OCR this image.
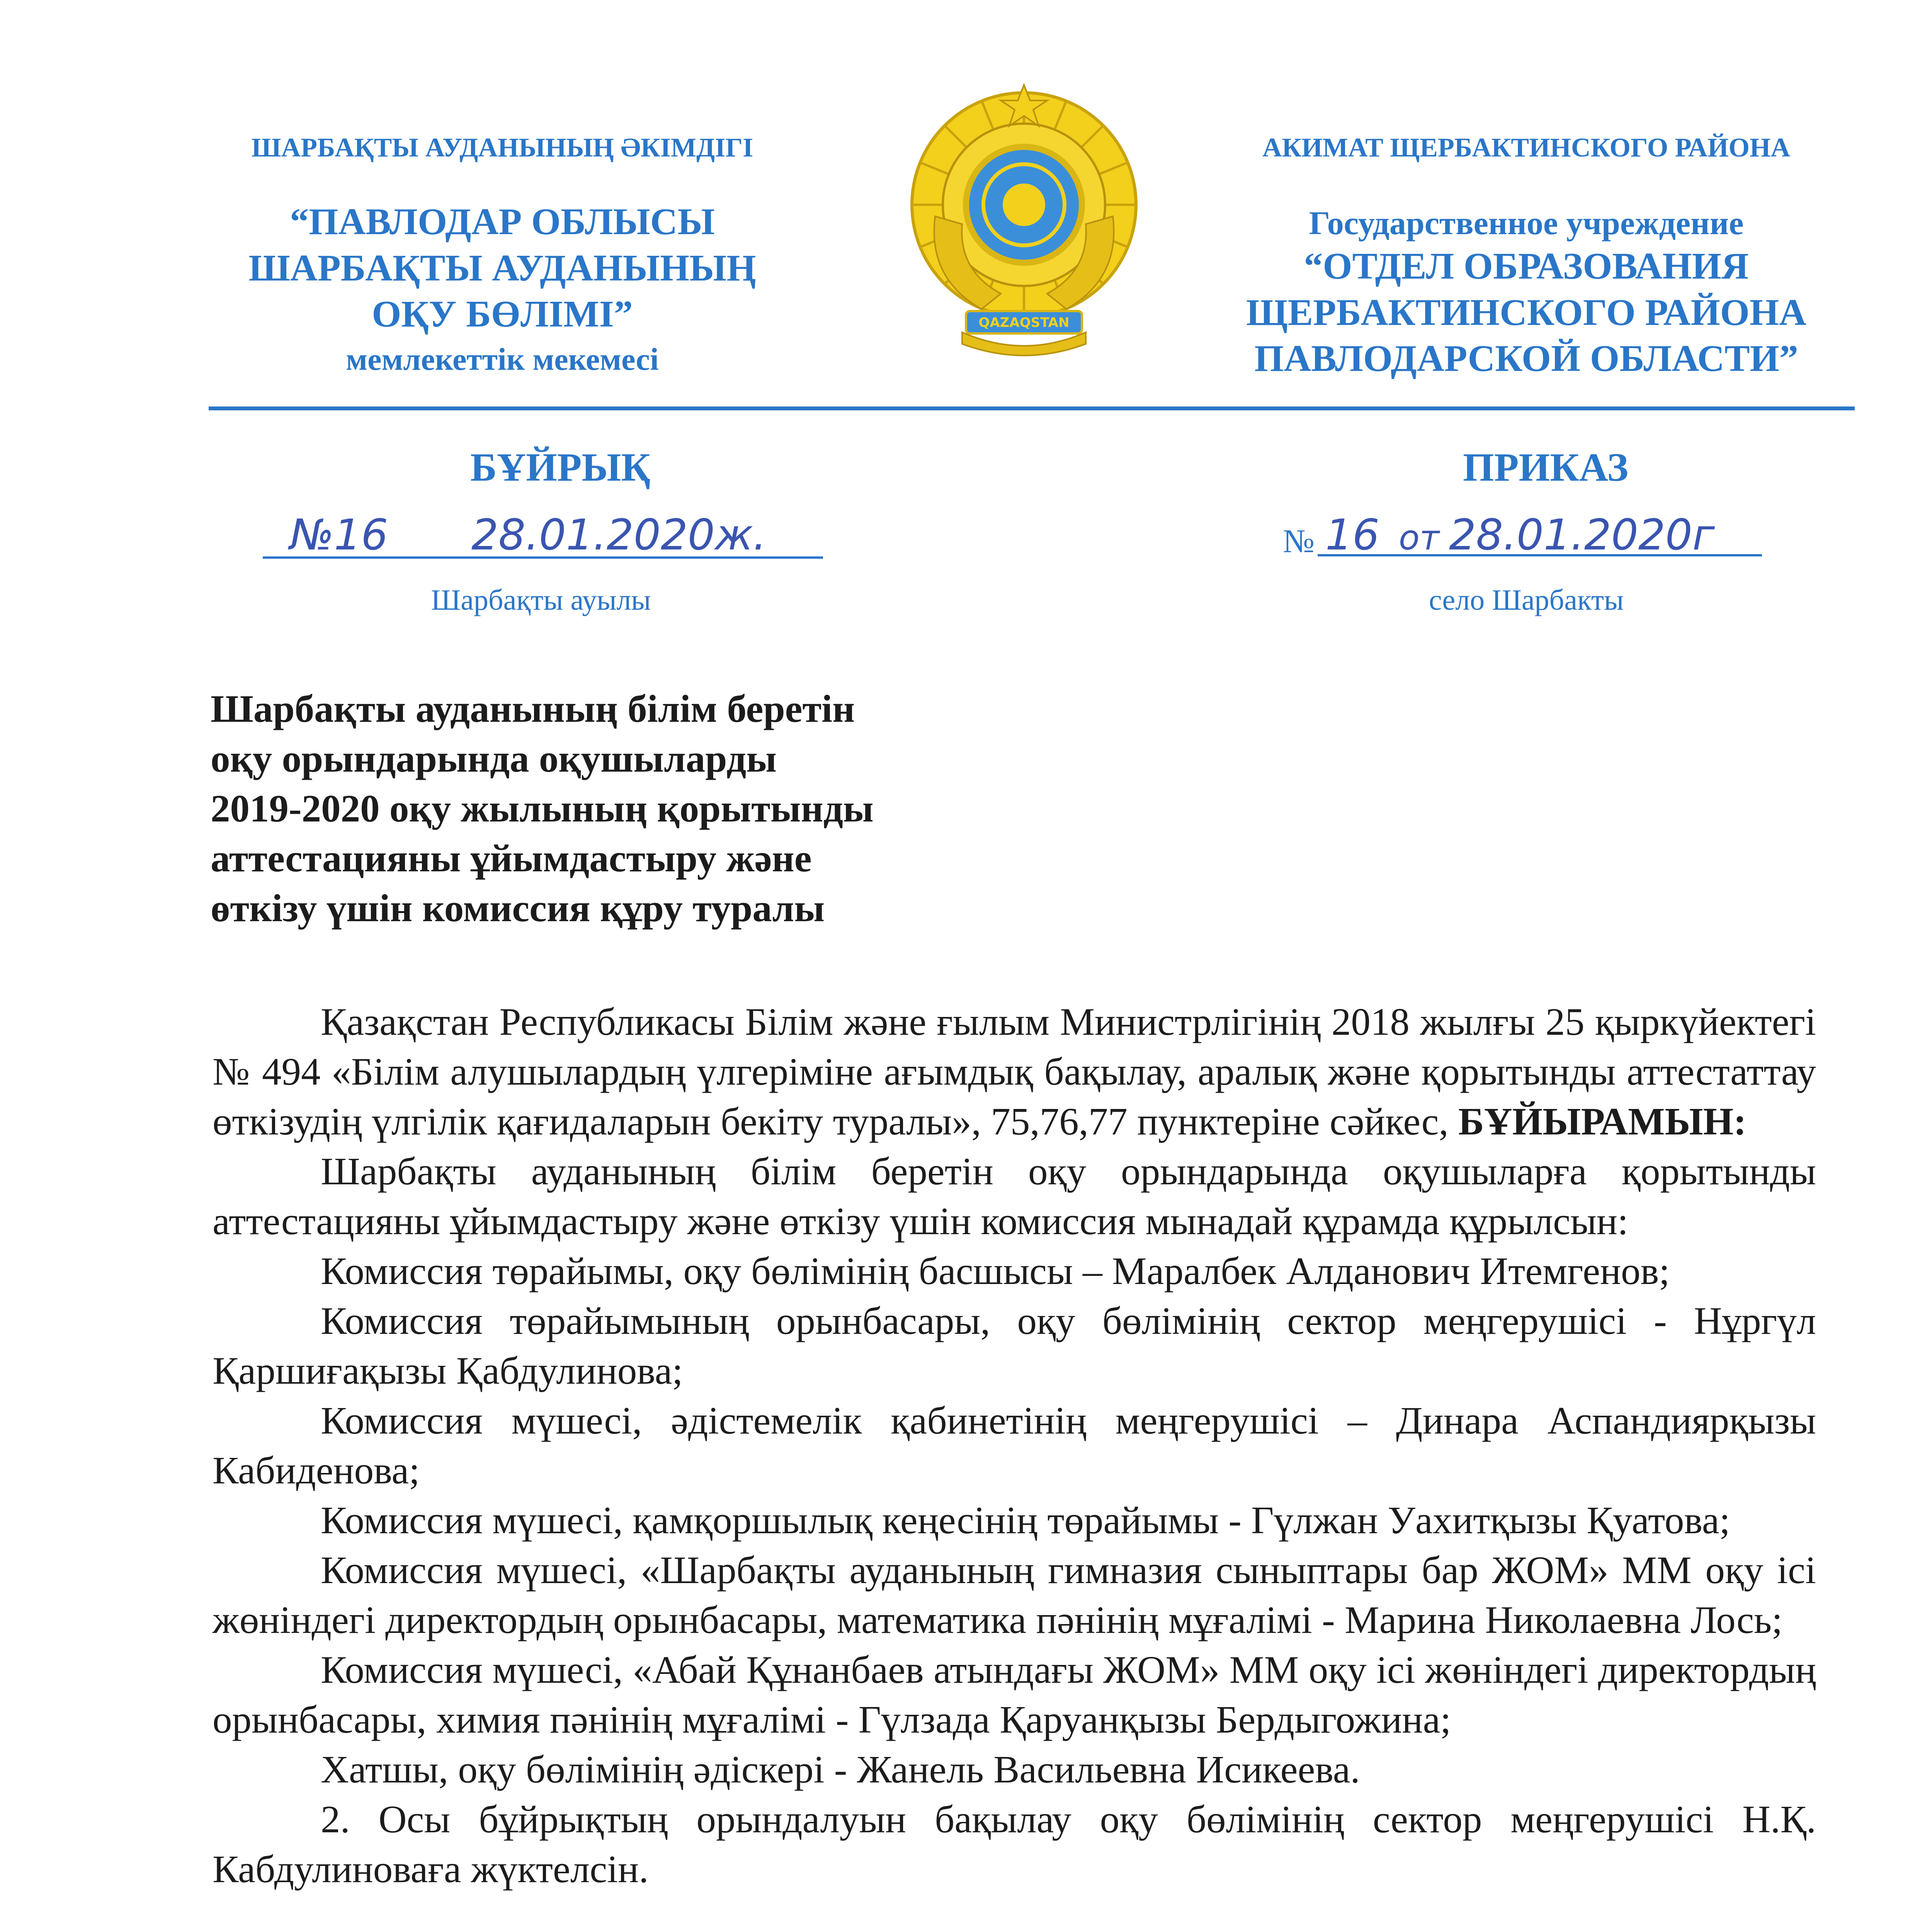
ШАРБАҚТЫ АУДАНЫНЫҢ ӘКІМДІГІ
“ПАВЛОДАР ОБЛЫСЫ
ШАРБАҚТЫ АУДАНЫНЫҢ
ОҚУ БӨЛІМІ”
мемлекеттік мекемесі
QAZAQSTAN
АКИМАТ ЩЕРБАКТИНСКОГО РАЙОНА
Государственное учреждение
“ОТДЕЛ ОБРАЗОВАНИЯ
ЩЕРБАКТИНСКОГО РАЙОНА
ПАВЛОДАРСКОЙ ОБЛАСТИ”
БҰЙРЫҚ	ПРИКАЗ
№16 28.01.2020ж.	№ 16 от 28.01.2020г
Шарбақты ауылы	село Шарбакты
Шарбақты ауданының білім беретін
оқу орындарында оқушыларды
2019-2020 оқу жылының қорытынды
аттестацияны ұйымдастыру және
өткізу үшін комиссия құру туралы

Қазақстан Республикасы Білім және ғылым Министрлігінің 2018 жылғы 25 қыркүйектегі № 494 «Білім алушылардың үлгеріміне ағымдық бақылау, аралық және қорытынды аттестаттау өткізудің үлгілік қағидаларын бекіту туралы», 75,76,77 пунктеріне сәйкес, БҰЙЫРАМЫН:

Шарбақты ауданының білім беретін оқу орындарында оқушыларға қорытынды аттестацияны ұйымдастыру және өткізу үшін комиссия мынадай құрамда құрылсын:

Комиссия төрайымы, оқу бөлімінің басшысы – Маралбек Алданович Итемгенов;

Комиссия төрайымының орынбасары, оқу бөлімінің сектор меңгерушісі - Нұргүл Қаршиғақызы Қабдулинова;

Комиссия мүшесі, әдістемелік қабинетінің меңгерушісі – Динара Аспандиярқызы Кабиденова;

Комиссия мүшесі, қамқоршылық кеңесінің төрайымы - Гүлжан Уахитқызы Қуатова;

Комиссия мүшесі, «Шарбақты ауданының гимназия сыныптары бар ЖОМ» ММ оқу ісі жөніндегі директордың орынбасары, математика пәнінің мұғалімі - Марина Николаевна Лось;

Комиссия мүшесі, «Абай Құнанбаев атындағы ЖОМ» ММ оқу ісі жөніндегі директордың орынбасары, химия пәнінің мұғалімі - Гүлзада Қаруанқызы Бердыгожина;

Хатшы, оқу бөлімінің әдіскері - Жанель Васильевна Исикеева.

2. Осы бұйрықтың орындалуын бақылау оқу бөлімінің сектор меңгерушісі Н.Қ. Кабдулиноваға жүктелсін.
